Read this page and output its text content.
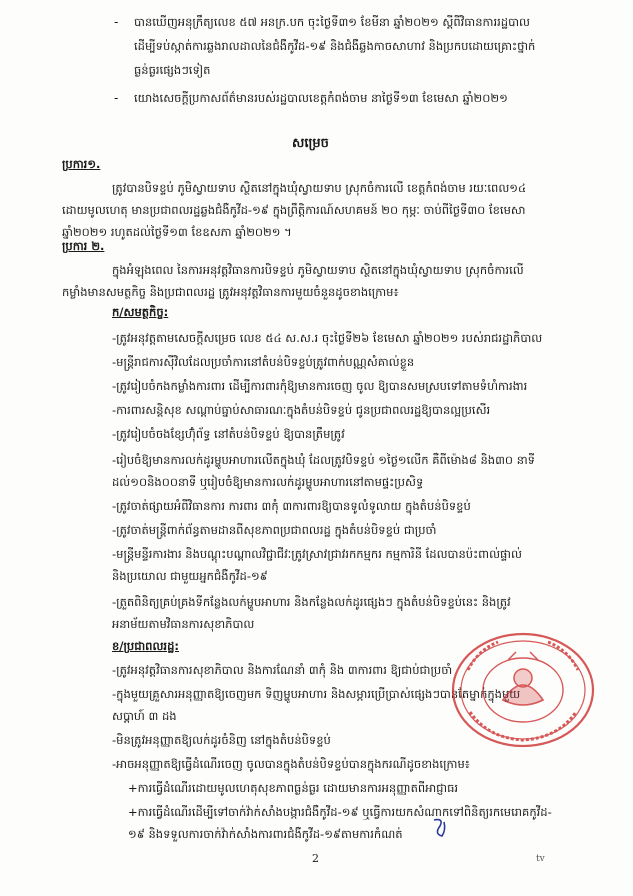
- បានឃើញអនុក្រឹត្យលេខ ៥៧ អនក្រ.បក ចុះថ្ងៃទី៣១ ខែមីនា ឆ្នាំ២០២១ ស្តីពីវិធានការរដ្ឋបាល
ដើម្បីទប់ស្កាត់ការឆ្លងរាលដាលនៃជំងឺកូវីដ-១៩ និងជំងឺឆ្លងកាចសាហាវ និងប្រកបដោយគ្រោះថ្នាក់
ធ្ងន់ធ្ងរផ្សេងៗទៀត
- យោងសេចក្តីប្រកាសព័ត៌មានរបស់រដ្ឋបាលខេត្តកំពង់ចាម នាថ្ងៃទី១៣ ខែមេសា ឆ្នាំ២០២១
សម្រេច
ប្រការ១.
ត្រូវបានបិទខ្ទប់ ភូមិស្វាយទាប ស្ថិតនៅក្នុងឃុំស្វាយទាប ស្រុកចំការលើ ខេត្តកំពង់ចាម រយៈពេល១៤
ដោយមូលហេតុ មានប្រជាពលរដ្ឋឆ្លងជំងឺកូវីដ-១៩ ក្នុងព្រឹត្តិការណ៍សហគមន៍ ២០ កុម្ភៈ ចាប់ពីថ្ងៃទី៣០ ខែមេសា
ឆ្នាំ២០២១ រហូតដល់ថ្ងៃទី១៣ ខែឧសភា ឆ្នាំ២០២១ ។
ប្រការ ២.
ក្នុងអំឡុងពេល នៃការអនុវត្តវិធានការបិទខ្ទប់ ភូមិស្វាយទាប ស្ថិតនៅក្នុងឃុំស្វាយទាប ស្រុកចំការលើ
កម្លាំងមានសមត្ថកិច្ច និងប្រជាពលរដ្ឋ ត្រូវអនុវត្តវិធានការមួយចំនួនដូចខាងក្រោម៖
ក/សមត្ថកិច្ច:
-ត្រូវអនុវត្តតាមសេចក្តីសម្រេច លេខ ៥៤ ស.ស.រ ចុះថ្ងៃទី២៦ ខែមេសា ឆ្នាំ២០២១ របស់រាជរដ្ឋាភិបាល
-មន្ត្រីរាជការស៊ីវិលដែលប្រចាំការនៅតំបន់បិទខ្ទប់ត្រូវពាក់បណ្ណសំគាល់ខ្លួន
-ត្រូវរៀបចំកងកម្លាំងការពារ ដើម្បីការពារកុំឱ្យមានការចេញ ចូល ឱ្យបានសមស្របទៅតាមទំហំការងារ
-ការពារសន្តិសុខ សណ្តាប់ធ្នាប់សាធារណៈក្នុងតំបន់បិទខ្ទប់ ជូនប្រជាពលរដ្ឋឱ្យបានល្អប្រសើរ
-ត្រូវរៀបចំចងខ្សែហ៊ុំព័ទ្ធ នៅតំបន់បិទខ្ទប់ ឱ្យបានត្រឹមត្រូវ
-រៀបចំឱ្យមានការលក់ដូរម្ហូបអាហារលើតក្នុងឃុំ ដែលត្រូវបិទខ្ទប់ ១ថ្ងៃ១លើក គឺពីម៉ោង៨ និង៣០ នាទី
ដល់១០និង០០នាទី ឬរៀបចំឱ្យមានការលក់ដូរម្ហូបអាហារនៅតាមផ្ទះប្រសិទ្ធ
-ត្រូវចាត់ផ្សាយអំពីវិធានការ ការពារ ៣កុំ ៣ការពារឱ្យបានទូលំទូលាយ ក្នុងតំបន់បិទខ្ទប់
-ត្រូវចាត់មន្ត្រីពាក់ព័ន្ធតាមដានពីសុខភាពប្រជាពលរដ្ឋ ក្នុងតំបន់បិទខ្ទប់ ជាប្រចាំ
-មន្ត្រីមន្ទីរការងារ និងបណ្តុះបណ្តាលវិជ្ជាជីវៈត្រូវស្រាវជ្រាវរកកម្មករ កម្មការិនី ដែលបានប៉ះពាល់ផ្ទាល់
និងប្រយោល ជាមួយអ្នកជំងឺកូវីដ-១៩
-ត្រួតពិនិត្យគ្រប់គ្រងទីកន្លែងលក់ម្ហូបអាហារ និងកន្លែងលក់ដូរផ្សេងៗ ក្នុងតំបន់បិទខ្ទប់នេះ និងត្រូវ
អនាម័យតាមវិធានការសុខាភិបាល
ខ/ប្រជាពលរដ្ឋ:
-ត្រូវអនុវត្តវិធានការសុខាភិបាល និងការណែនាំ ៣កុំ និង ៣ការពារ ឱ្យជាប់ជាប្រចាំ
-ក្នុងមួយគ្រួសារអនុញ្ញាតឱ្យចេញមក ទិញម្ហូបអាហារ និងសម្ភារប្រើប្រាស់ផ្សេងៗបានតែម្នាក់ក្នុងមួយ
សប្តាហ៍ ៣ ដង
-មិនត្រូវអនុញ្ញាតឱ្យលក់ដូរចំនិញ នៅក្នុងតំបន់បិទខ្ទប់
-អាចអនុញ្ញាតឱ្យធ្វើដំណើរចេញ ចូលបានក្នុងតំបន់បិទខ្ទប់បានក្នុងករណីដូចខាងក្រោម៖
+ការធ្វើដំណើរដោយមូលហេតុសុខភាពធ្ងន់ធ្ងរ ដោយមានការអនុញ្ញាតពីអាជ្ញាធរ
+ការធ្វើដំណើរដើម្បីទៅចាក់វ៉ាក់សាំងបង្ការជំងឺកូវីដ-១៩ ឬធ្វើការយកសំណាកទៅពិនិត្យរកមេរោគកូវីដ-
១៩ និងទទួលការចាក់វ៉ាក់សាំងការពារជំងឺកូវីដ-១៩តាមការកំណត់
2	tv
